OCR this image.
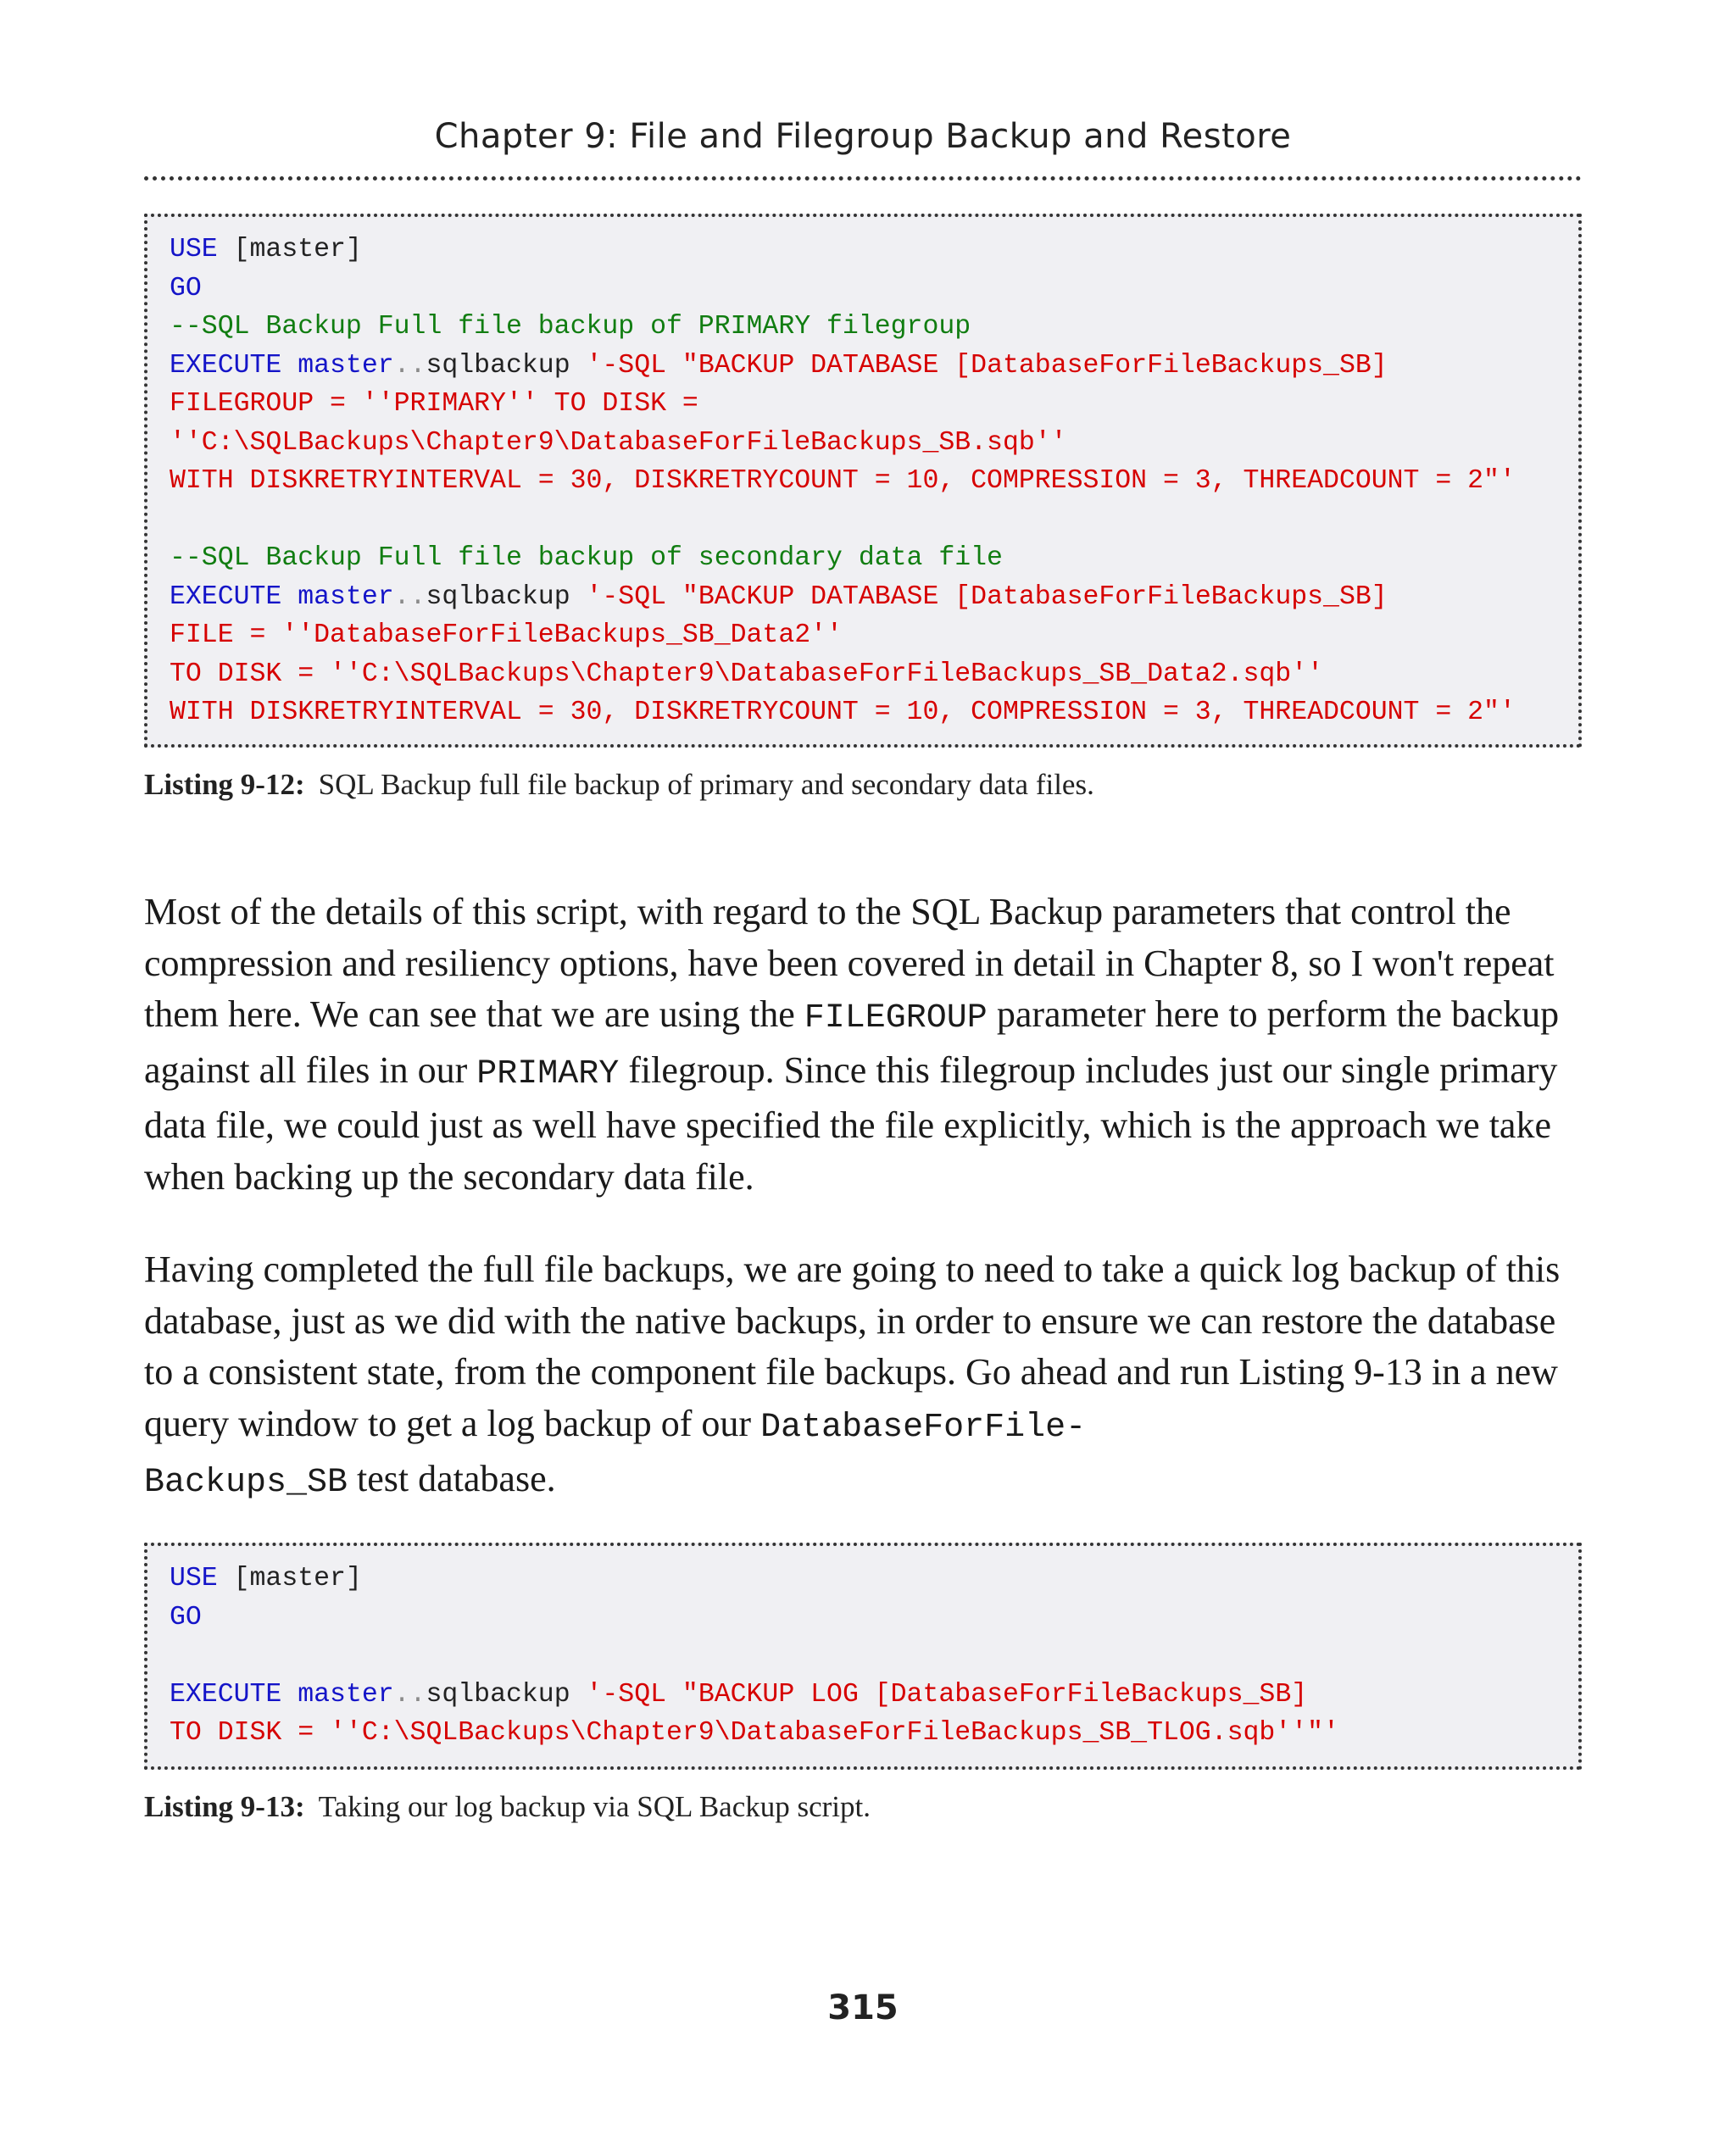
Chapter 9: File and Filegroup Backup and Restore
USE [master]
GO
--SQL Backup Full file backup of PRIMARY filegroup
EXECUTE master..sqlbackup '-SQL "BACKUP DATABASE [DatabaseForFileBackups_SB]
FILEGROUP = ''PRIMARY'' TO DISK =
''C:\SQLBackups\Chapter9\DatabaseForFileBackups_SB.sqb''
WITH DISKRETRYINTERVAL = 30, DISKRETRYCOUNT = 10, COMPRESSION = 3, THREADCOUNT = 2"'

--SQL Backup Full file backup of secondary data file
EXECUTE master..sqlbackup '-SQL "BACKUP DATABASE [DatabaseForFileBackups_SB]
FILE = ''DatabaseForFileBackups_SB_Data2''
TO DISK = ''C:\SQLBackups\Chapter9\DatabaseForFileBackups_SB_Data2.sqb''
WITH DISKRETRYINTERVAL = 30, DISKRETRYCOUNT = 10, COMPRESSION = 3, THREADCOUNT = 2"'
Listing 9-12: SQL Backup full file backup of primary and secondary data files.

Most of the details of this script, with regard to the SQL Backup parameters that control the compression and resiliency options, have been covered in detail in Chapter 8, so I won't repeat them here. We can see that we are using the FILEGROUP parameter here to perform the backup against all files in our PRIMARY filegroup. Since this filegroup includes just our single primary data file, we could just as well have specified the file explicitly, which is the approach we take when backing up the secondary data file.

Having completed the full file backups, we are going to need to take a quick log backup of this database, just as we did with the native backups, in order to ensure we can restore the database to a consistent state, from the component file backups. Go ahead and run Listing 9-13 in a new query window to get a log backup of our DatabaseForFile-
Backups_SB test database.

USE [master]
GO

EXECUTE master..sqlbackup '-SQL "BACKUP LOG [DatabaseForFileBackups_SB]
TO DISK = ''C:\SQLBackups\Chapter9\DatabaseForFileBackups_SB_TLOG.sqb''"'
Listing 9-13: Taking our log backup via SQL Backup script.
315
